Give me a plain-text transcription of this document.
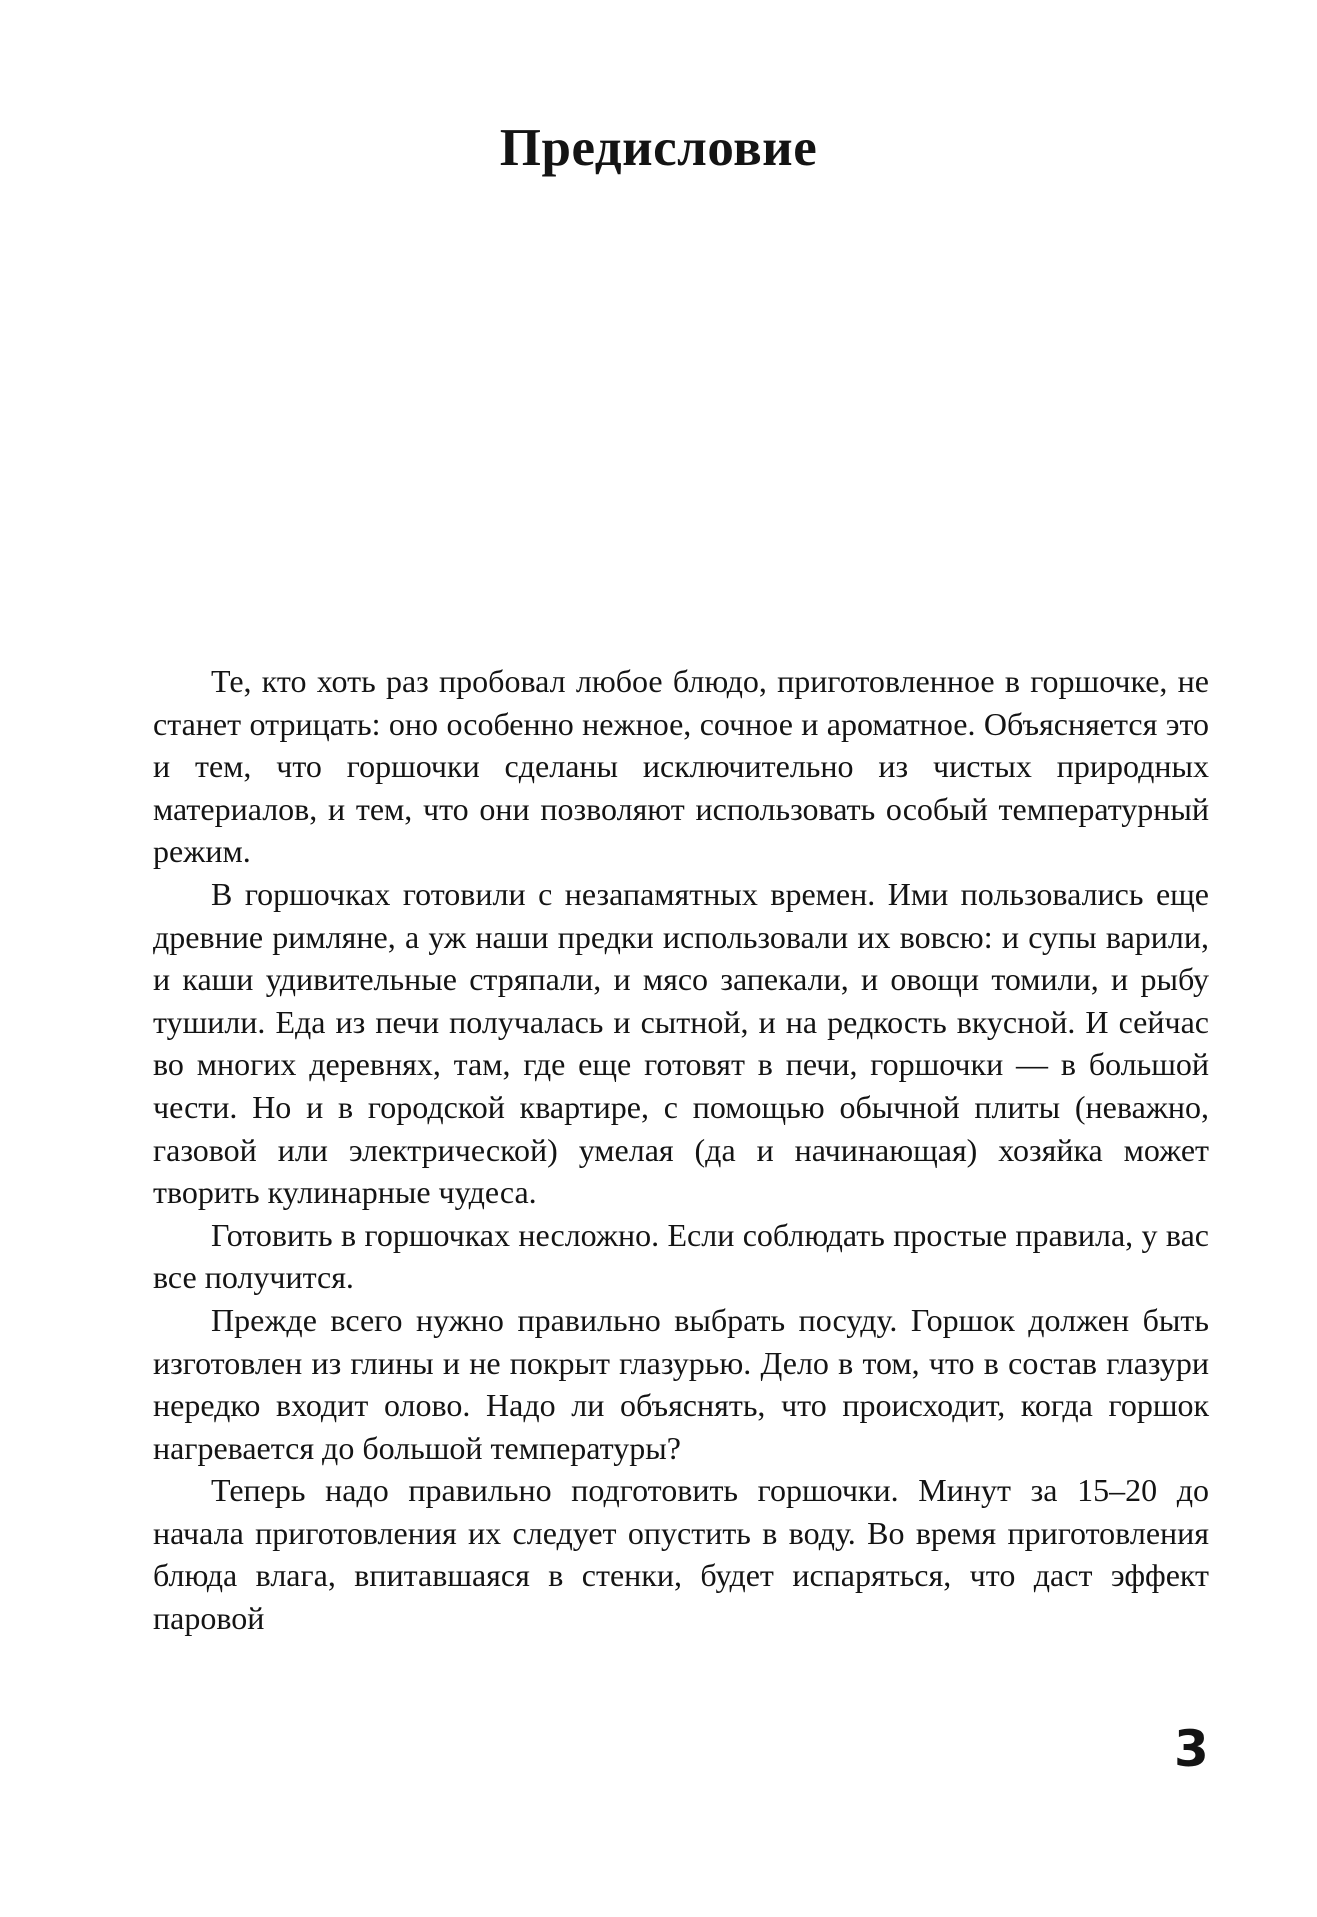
Предисловие

Те, кто хоть раз пробовал любое блюдо, приготовленное в горшочке, не станет отрицать: оно особенно нежное, сочное и ароматное. Объясняется это и тем, что горшочки сделаны исключительно из чистых природных материалов, и тем, что они позволяют использовать особый температурный режим.

В горшочках готовили с незапамятных времен. Ими пользовались еще древние римляне, а уж наши предки использовали их вовсю: и супы варили, и каши удивительные стряпали, и мясо запекали, и овощи томили, и рыбу тушили. Еда из печи получалась и сытной, и на редкость вкусной. И сейчас во многих деревнях, там, где еще готовят в печи, горшочки — в большой чести. Но и в городской квартире, с помощью обычной плиты (неважно, газовой или электрической) умелая (да и начинающая) хозяйка может творить кулинарные чудеса.

Готовить в горшочках несложно. Если соблюдать простые правила, у вас все получится.

Прежде всего нужно правильно выбрать посуду. Горшок должен быть изготовлен из глины и не покрыт глазурью. Дело в том, что в состав глазури нередко входит олово. Надо ли объяснять, что происходит, когда горшок нагревается до большой температуры?

Теперь надо правильно подготовить горшочки. Минут за 15–20 до начала приготовления их следует опустить в воду. Во время приготовления блюда влага, впитавшаяся в стенки, будет испаряться, что даст эффект паровой

3
